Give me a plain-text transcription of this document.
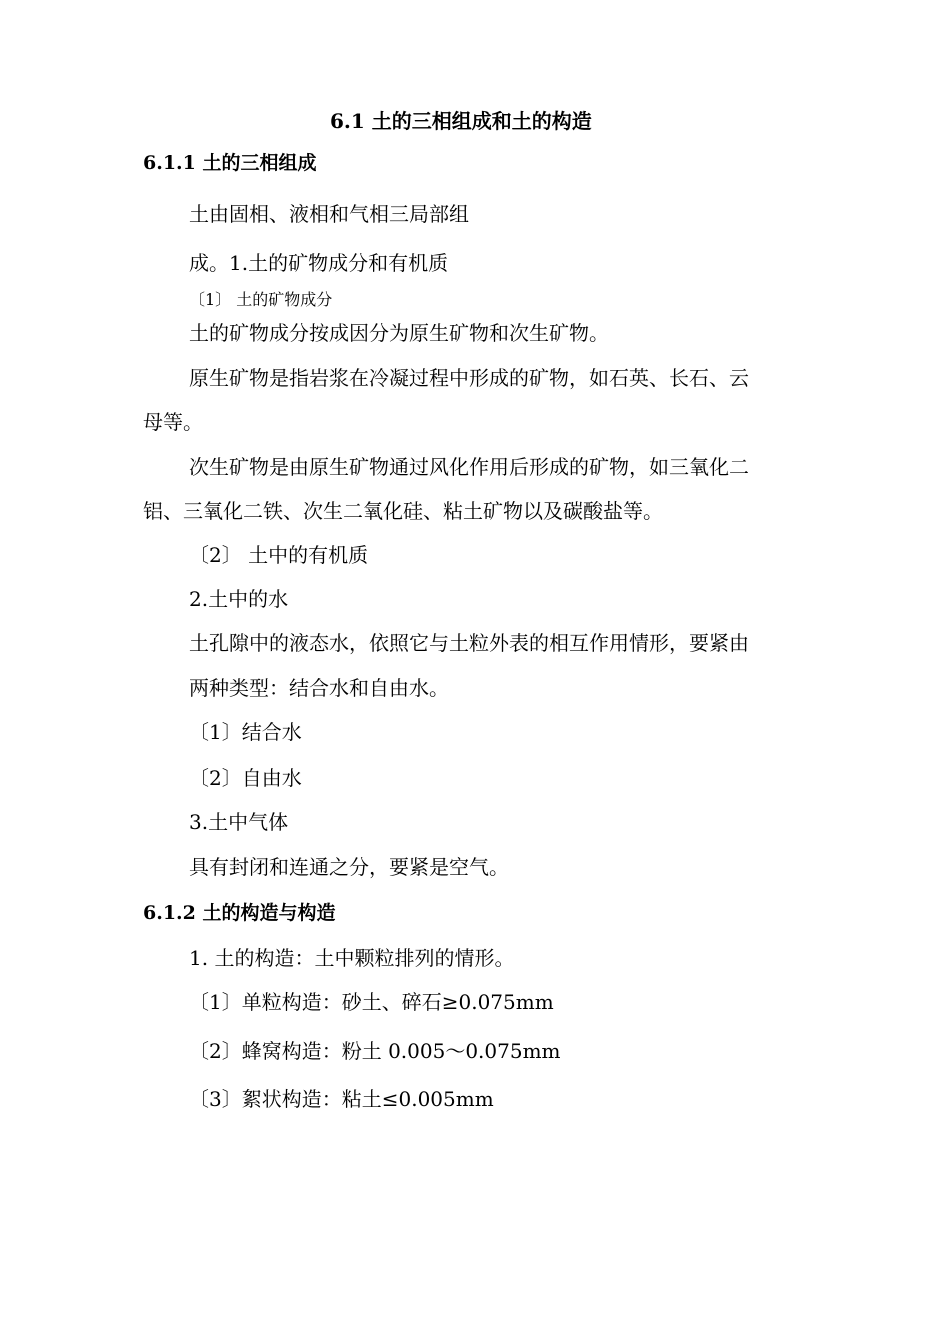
6.1 土的三相组成和土的构造
6.1.1 土的三相组成
土由固相、液相和气相三局部组
成。1.土的矿物成分和有机质
〔1〕 土的矿物成分
土的矿物成分按成因分为原生矿物和次生矿物。
原生矿物是指岩浆在冷凝过程中形成的矿物，如石英、长石、云
母等。
次生矿物是由原生矿物通过风化作用后形成的矿物，如三氧化二
铝、三氧化二铁、次生二氧化硅、粘土矿物以及碳酸盐等。
〔2〕 土中的有机质
2.土中的水
土孔隙中的液态水，依照它与土粒外表的相互作用情形，要紧由
两种类型：结合水和自由水。
〔1〕结合水
〔2〕自由水
3.土中气体
具有封闭和连通之分，要紧是空气。
6.1.2 土的构造与构造
1. 土的构造：土中颗粒排列的情形。
〔1〕单粒构造：砂土、碎石≥0.075mm
〔2〕蜂窝构造：粉土 0.005～0.075mm
〔3〕絮状构造：粘土≤0.005mm
